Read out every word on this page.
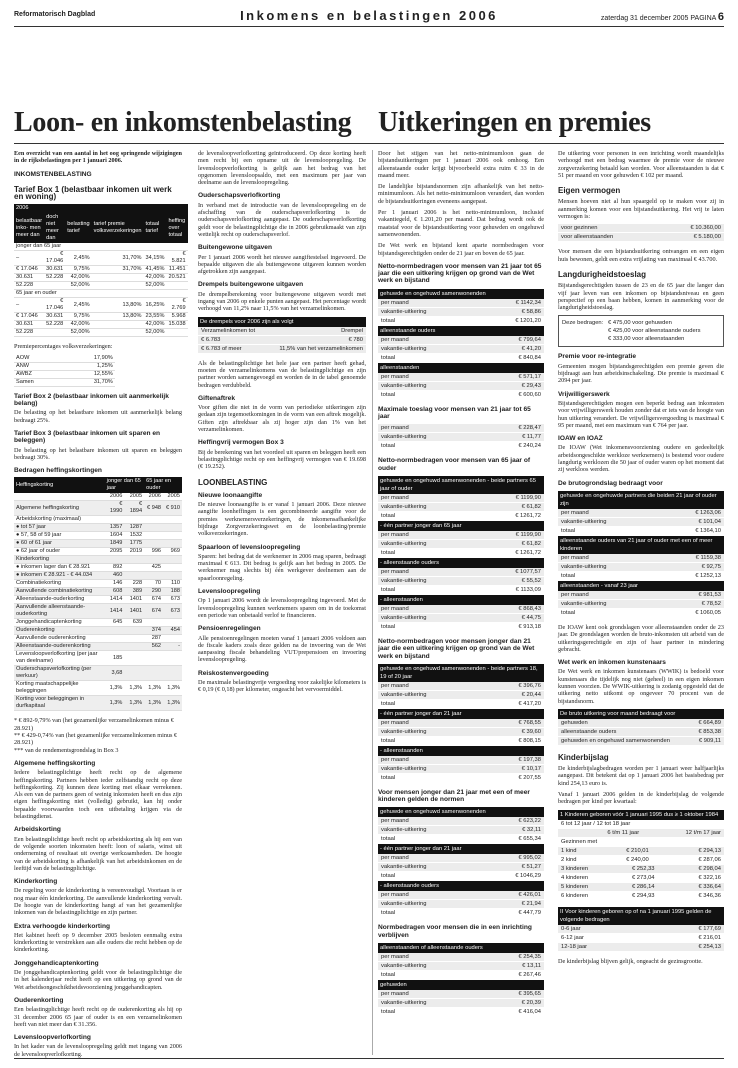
Reformatorisch Dagblad	Inkomens en belastingen 2006	zaterdag 31 december 2005 PAGINA 6
Loon- en inkomstenbelasting Uitkeringen en premies

Een overzicht van een aantal in het oog springende wijzigingen in de rijksbelastingen per 1 januari 2006.

INKOMSTENBELASTING
Tarief Box 1 (belastbaar inkomen uit werk en woning)
2006					
belastbaar inko- men meer dan	doch niet meer dan	belasting tarief	tarief premie volksverzekeringen	totaal tarief	heffing over totaal
jonger dan 65 jaar					
–	€ 17.046	2,45%	31,70%	34,15%	€ 5.821
€ 17.046	30.631	9,75%	31,70%	41,45%	11.451
30.631	52.228	42,00%		42,00%	20.521
52.228		52,00%		52,00%	
65 jaar en ouder					
–	€ 17.046	2,45%	13,80%	16,25%	€ 2.769
€ 17.046	30.631	9,75%	13,80%	23,55%	5.968
30.631	52.228	42,00%		42,00%	15.038
52.228		52,00%		52,00%	

Premiepercentages volksverzekeringen:

AOW	17,90%
ANW	1,25%
AWBZ	12,55%
Samen	31,70%
Tarief Box 2 (belastbaar inkomen uit aanmerkelijk belang)

De belasting op het belastbare inkomen uit aanmerkelijk belang bedraagt 25%.

Tarief Box 3 (belastbaar inkomen uit sparen en beleggen)

De belasting op het belastbare inkomen uit sparen en beleggen bedraagt 30%.

Bedragen heffingskortingen
Heffingskorting	jonger dan 65 jaar		65 jaar en ouder	
	2006	2005	2006	2005
Algemene heffingskorting	€ 1990	€ 1894	€ 948	€ 910
Arbeidskorting (maximaal)				
● tot 57 jaar	1357	1287		
● 57, 58 of 59 jaar	1604	1532		
● 60 of 61 jaar	1849	1775		
● 62 jaar of ouder	2095	2019	996	969
Kinderkorting				
● inkomen lager dan € 28.921	892		425	
● inkomen € 28.921 - € 44.034	460			
Combinatiekorting	146	228	70	110
Aanvullende combinatiekorting	608	389	290	188
Alleenstaande-ouderkorting	1414	1401	674	673
Aanvullende alleenstaande-ouderkorting	1414	1401	674	673
Jonggehandicaptenkorting	645	639		
Ouderenkorting			374	454
Aanvullende ouderenkorting			287	
Alleenstaande-ouderenkorting			562	-
Levensloopverlofkorting (per jaar van deelname)	185			
Ouderschapsverlofkorting (per werkuur)	3,68			
Korting maatschappelijke beleggingen	1,3%	1,3%	1,3%	1,3%
Korting voor beleggingen in durfkapitaal	1,3%	1,3%	1,3%	1,3%
* € 892-9,79% van (het gezamenlijke verzamelinkomen minus € 28.921)
** € 429-0,74% van (het gezamenlijke verzamelinkomen minus € 28.921)
*** van de rendementsgrondslag in Box 3
Algemene heffingskorting

Iedere belastingplichtige heeft recht op de algemene heffingskorting. Partners hebben ieder zelfstandig recht op deze heffingskorting. Zij kunnen deze korting met elkaar verrekenen. Als een van de partners geen of weinig inkomsten heeft en dus zijn eigen heffingskorting niet (volledig) gebruikt, kan hij onder bepaalde voorwaarden toch een uitbetaling krijgen via de belastingdienst.

Arbeidskorting

Een belastingplichtige heeft recht op arbeidskorting als hij een van de volgende soorten inkomsten heeft: loon of salaris, winst uit onderneming of resultaat uit overige werkzaamheden. De hoogte van de arbeidskorting is afhankelijk van het arbeidsinkomen en de leeftijd van de belastingplichtige.

Kinderkorting

De regeling voor de kinderkorting is vereenvoudigd. Voortaan is er nog maar één kinderkorting. De aanvullende kinderkorting vervalt. De hoogte van de kinderkorting hangt af van het gezamenlijke inkomen van de belastingplichtige en zijn partner.

Extra verhoogde kinderkorting

Het kabinet heeft op 9 december 2005 besloten eenmalig extra kinderkorting te verstrekken aan alle ouders die recht hebben op de kinderkorting.

Jonggehandicaptenkorting

De jonggehandicaptenkorting geldt voor de belastingplichtige die in het kalenderjaar recht heeft op een uitkering op grond van de Wet arbeidsongeschiktheidsvoorziening jonggehandicapten.

Ouderenkorting

Een belastingplichtige heeft recht op de ouderenkorting als hij op 31 december 2006 65 jaar of ouder is en een verzamelinkomen heeft van niet meer dan € 31.356.

Levensloopverlofkorting

In het kader van de levensloopregeling geldt met ingang van 2006 de levensloopverlofkorting.

de levensloopverlofkorting geïntroduceerd. Op deze korting heeft men recht bij een opname uit de levensloopregeling. De levensloopverlofkorting is gelijk aan het bedrag van het opgenomen levensloopsaldo, met een maximum per jaar van deelname aan de levensloopregeling.

Ouderschapsverlofkorting

In verband met de introductie van de levensloopregeling en de afschaffing van de ouderschapsverlofkorting is de ouderschapsverlofkorting aangepast. De ouderschapsverlofkorting geldt voor de belastingplichtige die in 2006 gebruikmaakt van zijn wettelijk recht op ouderschapsverlof.

Buitengewone uitgaven

Per 1 januari 2006 wordt het nieuwe aangiftestelsel ingevoerd. De bepaalde uitgaven die als buitengewone uitgaven kunnen worden afgetrokken zijn aangepast.

Drempels buitengewone uitgaven

De drempelberekening voor buitengewone uitgaven wordt met ingang van 2006 op enkele punten aangepast. Het percentage wordt verhoogd van 11,2% naar 11,5% van het verzamelinkomen.

De drempels voor 2006 zijn als volgt
Verzamelinkomen tot	Drempel
€ 6.783	€ 780
€ 6.783 of meer	11,5% van het verzamelinkomen

Als de belastingplichtige het hele jaar een partner heeft gehad, moeten de verzamelinkomens van de belastingplichtige en zijn partner worden samengevoegd en worden de in de tabel genoemde bedragen verdubbeld.

Giftenaftrek

Voor giften die niet in de vorm van periodieke uitkeringen zijn gedaan zijn tegemoetkomingen in de vorm van een aftrek mogelijk. Giften zijn aftrekbaar als zij hoger zijn dan 1% van het verzamelinkomen.

Heffingvrij vermogen Box 3

Bij de berekening van het voordeel uit sparen en beleggen heeft een belastingplichtige recht op een heffingvrij vermogen van € 19.698 (€ 19.252).

LOONBELASTING
Nieuwe loonaangifte

De nieuwe loonaangifte is er vanaf 1 januari 2006. Deze nieuwe aangifte loonheffingen is een gecombineerde aangifte voor de premies werknemersverzekeringen, de inkomensafhankelijke bijdrage Zorgverzekeringswet en de loonbelasting/premie volksverzekeringen.

Spaarloon of levensloopregeling

Sparen: het bedrag dat de werknemer in 2006 mag sparen, bedraagt maximaal € 613. Dit bedrag is gelijk aan het bedrag in 2005. De werknemer mag slechts bij één werkgever deelnemen aan de spaarloonregeling.

Levensloopregeling

Op 1 januari 2006 wordt de levensloopregeling ingevoerd. Met de levensloopregeling kunnen werknemers sparen om in de toekomst een periode van onbetaald verlof te financieren.

Pensioenregelingen

Alle pensioenregelingen moeten vanaf 1 januari 2006 voldoen aan de fiscale kaders zoals deze gelden na de invoering van de Wet aanpassing fiscale behandeling VUT/prepensioen en invoering levensloopregeling.

Reiskostenvergoeding

De maximale belastingvrije vergoeding voor zakelijke kilometers is € 0,19 (€ 0,18) per kilometer, ongeacht het vervoermiddel.

Door het stijgen van het netto-minimumloon gaan de bijstandsuitkeringen per 1 januari 2006 ook omhoog. Een alleenstaande ouder krijgt bijvoorbeeld extra ruim € 33 in de maand meer.

De landelijke bijstandsnormen zijn afhankelijk van het netto-minimumloon. Als het netto-minimumloon verandert, dan worden de bijstandsuitkeringen eveneens aangepast.

Per 1 januari 2006 is het netto-minimumloon, inclusief vakantiegeld, € 1.201,20 per maand. Dat bedrag wordt ook de maatstaf voor de bijstandsuitkering voor gehuwden en ongehuwd samenwonenden.

De Wet werk en bijstand kent aparte normbedragen voor bijstandsgerechtigden onder de 21 jaar en boven de 65 jaar.

Netto-normbedragen voor mensen van 21 jaar tot 65 jaar die een uitkering krijgen op grond van de Wet werk en bijstand
gehuwde en ongehuwd samenwonenden
per maand	€ 1142,34
vakantie-uitkering	€ 58,86
totaal	€ 1201,20
alleenstaande ouders
per maand	€ 799,64
vakantie-uitkering	€ 41,20
totaal	€ 840,84
alleenstaanden
per maand	€ 571,17
vakantie-uitkering	€ 29,43
totaal	€ 600,60
Maximale toeslag voor mensen van 21 jaar tot 65 jaar
per maand	€ 228,47
vakantie-uitkering	€ 11,77
totaal	€ 240,24
Netto-normbedragen voor mensen van 65 jaar of ouder
gehuwde en ongehuwd samenwonenden - beide partners 65 jaar of ouder
per maand	€ 1199,90
vakantie-uitkering	€ 61,82
totaal	€ 1261,72
- één partner jonger dan 65 jaar
per maand	€ 1199,90
vakantie-uitkering	€ 61,82
totaal	€ 1261,72
- alleenstaande ouders
per maand	€ 1077,57
vakantie-uitkering	€ 55,52
totaal	€ 1133,09
- alleenstaanden
per maand	€ 868,43
vakantie-uitkering	€ 44,75
totaal	€ 913,18
Netto-normbedragen voor mensen jonger dan 21 jaar die een uitkering krijgen op grond van de Wet werk en bijstand
gehuwde en ongehuwd samenwonenden - beide partners 18, 19 of 20 jaar
per maand	€ 396,76
vakantie-uitkering	€ 20,44
totaal	€ 417,20
- één partner jonger dan 21 jaar
per maand	€ 768,55
vakantie-uitkering	€ 39,60
totaal	€ 808,15
- alleenstaanden
per maand	€ 197,38
vakantie-uitkering	€ 10,17
totaal	€ 207,55
Voor mensen jonger dan 21 jaar met een of meer kinderen gelden de normen
gehuwde en ongehuwd samenwonenden
per maand	€ 623,22
vakantie-uitkering	€ 32,11
totaal	€ 655,34
- één partner jonger dan 21 jaar
per maand	€ 995,02
vakantie-uitkering	€ 51,27
totaal	€ 1046,29
- alleenstaande ouders
per maand	€ 426,01
vakantie-uitkering	€ 21,94
totaal	€ 447,79
Normbedragen voor mensen die in een inrichting verblijven
alleenstaanden of alleenstaande ouders
per maand	€ 254,35
vakantie-uitkering	€ 13,11
totaal	€ 267,46
gehuwden
per maand	€ 395,65
vakantie-uitkering	€ 20,39
totaal	€ 416,04

De uitkering voor personen in een inrichting wordt maandelijks verhoogd met een bedrag waarmee de premie voor de nieuwe zorgverzekering betaald kan worden. Voor alleenstaanden is dat € 51 per maand en voor gehuwden € 102 per maand.

Eigen vermogen

Mensen hoeven niet al hun spaargeld op te maken voor zij in aanmerking komen voor een bijstandsuitkering. Het vrij te laten vermogen is:

voor gezinnen	€ 10.360,00
voor alleenstaanden	€ 5.180,00

Voor mensen die een bijstandsuitkering ontvangen en een eigen huis bewonen, geldt een extra vrijlating van maximaal € 43.700.

Langdurigheidstoeslag

Bijstandsgerechtigden tussen de 23 en de 65 jaar die langer dan vijf jaar leven van een inkomen op bijstandsniveau en geen perspectief op een baan hebben, komen in aanmerking voor de langdurigheidstoeslag.

Deze bedragen: € 475,00 voor gehuwden
€ 425,00 voor alleenstaande ouders
€ 333,00 voor alleenstaanden
Premie voor re-integratie

Gemeenten mogen bijstandsgerechtigden een premie geven die bijdraagt aan hun arbeidsinschakeling. Die premie is maximaal € 2094 per jaar.

Vrijwilligerswerk

Bijstandsgerechtigden mogen een beperkt bedrag aan inkomsten voor vrijwilligerswerk houden zonder dat er iets van de hoogte van hun uitkering verandert. De vrijwilligersvergoeding is maximaal € 95 per maand, met een maximum van € 764 per jaar.

IOAW en IOAZ

De IOAW (Wet inkomensvoorziening oudere en gedeeltelijk arbeidsongeschikte werkloze werknemers) is bestemd voor oudere langdurig werklozen die 50 jaar of ouder waren op het moment dat zij werkloos werden.

De brutogrondslag bedraagt voor
gehuwde en ongehuwde partners die beiden 21 jaar of ouder zijn
per maand	€ 1263,06
vakantie-uitkering	€ 101,04
totaal	€ 1364,10
alleenstaande ouders van 21 jaar of ouder met een of meer kinderen
per maand	€ 1159,38
vakantie-uitkering	€ 92,75
totaal	€ 1252,13
alleenstaanden - vanaf 23 jaar
per maand	€ 981,53
vakantie-uitkering	€ 78,52
totaal	€ 1060,05

De IOAW kent ook grondslagen voor alleenstaanden onder de 23 jaar. De grondslagen worden de bruto-inkomsten uit arbeid van de uitkeringsgerechtigde en zijn of haar partner in mindering gebracht.

Wet werk en inkomen kunstenaars

De Wet werk en inkomen kunstenaars (WWIK) is bedoeld voor kunstenaars die tijdelijk nog niet (geheel) in een eigen inkomen kunnen voorzien. De WWIK-uitkering is zodanig opgesteld dat de uitkering netto uitkomt op ongeveer 70 procent van de bijstandsnorm.

De bruto uitkering voor maand bedraagt voor
gehuwden	€ 664,89
alleenstaande ouders	€ 853,38
gehuwden en ongehuwd samenwonenden	€ 909,11
Kinderbijslag

De kinderbijslagbedragen worden per 1 januari weer halfjaarlijks aangepast. Dit betekent dat op 1 januari 2006 het basisbedrag per kind 254,13 euro is.

Vanaf 1 januari 2006 gelden in de kinderbijslag de volgende bedragen per kind per kwartaal:

1 Kinderen geboren vóór 1 januari 1995 dus ≥ 1 oktober 1984
6 tot 12 jaar / 12 tot 18 jaar
6 t/m 11 jaar	12 t/m 17 jaar
Gezinnen met
1 kind	€ 210,01	€ 294,13
2 kind	€ 240,00	€ 287,06
3 kinderen	€ 252,33	€ 298,04
4 kinderen	€ 273,04	€ 322,16
5 kinderen	€ 286,14	€ 336,64
6 kinderen	€ 294,93	€ 346,36
II Voor kinderen geboren op of na 1 januari 1995 gelden de volgende bedragen
0-6 jaar	€ 177,69
6-12 jaar	€ 216,01
12-18 jaar	€ 254,13

De kinderbijslag blijven gelijk, ongeacht de gezinsgrootte.
